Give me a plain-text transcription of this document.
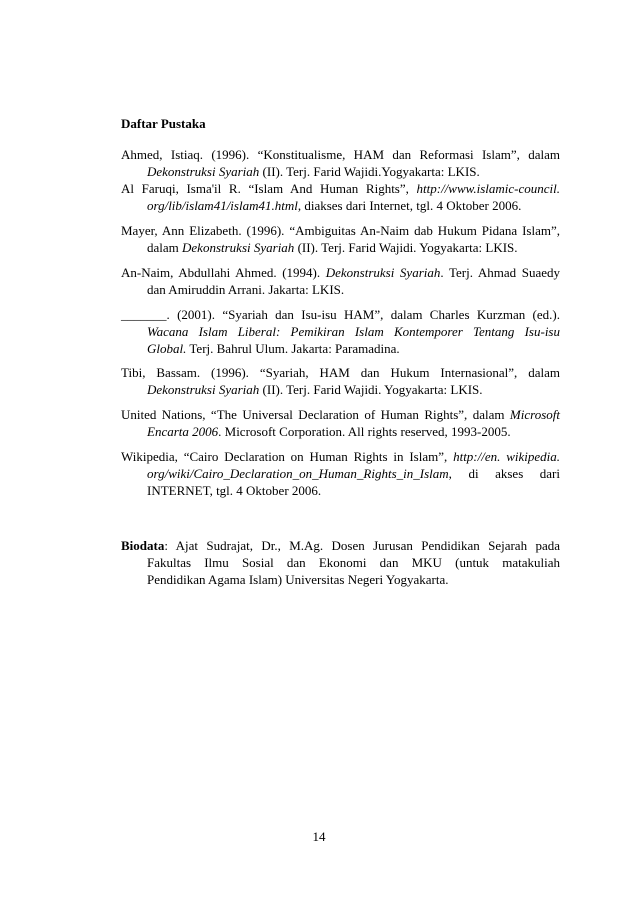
Daftar Pustaka
Ahmed, Istiaq. (1996). “Konstitualisme, HAM dan Reformasi Islam”, dalam
Dekonstruksi Syariah (II). Terj. Farid Wajidi.Yogyakarta: LKIS.
Al Faruqi, Isma'il R. “Islam And Human Rights”, http://www.islamic-council.
org/lib/islam41/islam41.html, diakses dari Internet, tgl. 4 Oktober 2006.
Mayer, Ann Elizabeth. (1996). “Ambiguitas An-Naim dab Hukum Pidana Islam”,
dalam Dekonstruksi Syariah (II). Terj. Farid Wajidi. Yogyakarta: LKIS.
An-Naim, Abdullahi Ahmed. (1994). Dekonstruksi Syariah. Terj. Ahmad Suaedy
dan Amiruddin Arrani. Jakarta: LKIS.
_______. (2001). “Syariah dan Isu-isu HAM”, dalam Charles Kurzman (ed.).
Wacana Islam Liberal: Pemikiran Islam Kontemporer Tentang Isu-isu
Global. Terj. Bahrul Ulum. Jakarta: Paramadina.
Tibi, Bassam. (1996). “Syariah, HAM dan Hukum Internasional”, dalam
Dekonstruksi Syariah (II). Terj. Farid Wajidi. Yogyakarta: LKIS.
United Nations, “The Universal Declaration of Human Rights”, dalam Microsoft
Encarta 2006. Microsoft Corporation. All rights reserved, 1993-2005.
Wikipedia, “Cairo Declaration on Human Rights in Islam”, http://en. wikipedia.
org/wiki/Cairo_Declaration_on_Human_Rights_in_Islam, di akses dari
INTERNET, tgl. 4 Oktober 2006.
Biodata: Ajat Sudrajat, Dr., M.Ag. Dosen Jurusan Pendidikan Sejarah pada
Fakultas Ilmu Sosial dan Ekonomi dan MKU (untuk matakuliah
Pendidikan Agama Islam) Universitas Negeri Yogyakarta.
14
